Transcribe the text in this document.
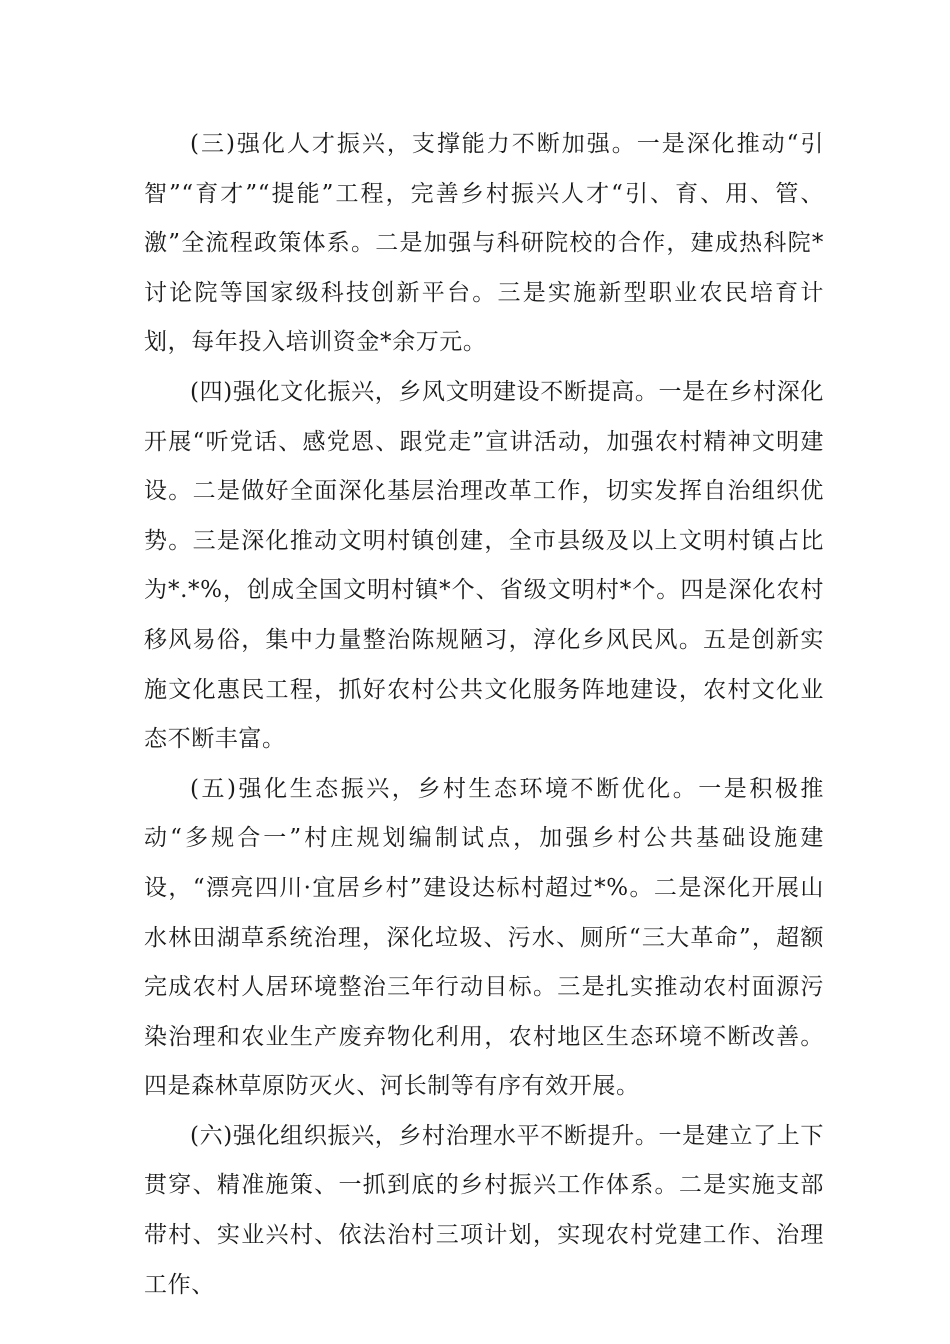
(三)强化人才振兴，支撑能力不断加强。一是深化推动“引智”“育才”“提能”工程，完善乡村振兴人才“引、育、用、管、激”全流程政策体系。二是加强与科研院校的合作，建成热科院*讨论院等国家级科技创新平台。三是实施新型职业农民培育计划，每年投入培训资金*余万元。

(四)强化文化振兴，乡风文明建设不断提高。一是在乡村深化开展“听党话、感党恩、跟党走”宣讲活动，加强农村精神文明建设。二是做好全面深化基层治理改革工作，切实发挥自治组织优势。三是深化推动文明村镇创建，全市县级及以上文明村镇占比为*.*%，创成全国文明村镇*个、省级文明村*个。四是深化农村移风易俗，集中力量整治陈规陋习，淳化乡风民风。五是创新实施文化惠民工程，抓好农村公共文化服务阵地建设，农村文化业态不断丰富。

(五)强化生态振兴，乡村生态环境不断优化。一是积极推动“多规合一”村庄规划编制试点，加强乡村公共基础设施建设，“漂亮四川·宜居乡村”建设达标村超过*%。二是深化开展山水林田湖草系统治理，深化垃圾、污水、厕所“三大革命”，超额完成农村人居环境整治三年行动目标。三是扎实推动农村面源污染治理和农业生产废弃物化利用，农村地区生态环境不断改善。四是森林草原防灭火、河长制等有序有效开展。

(六)强化组织振兴，乡村治理水平不断提升。一是建立了上下贯穿、精准施策、一抓到底的乡村振兴工作体系。二是实施支部带村、实业兴村、依法治村三项计划，实现农村党建工作、治理工作、
